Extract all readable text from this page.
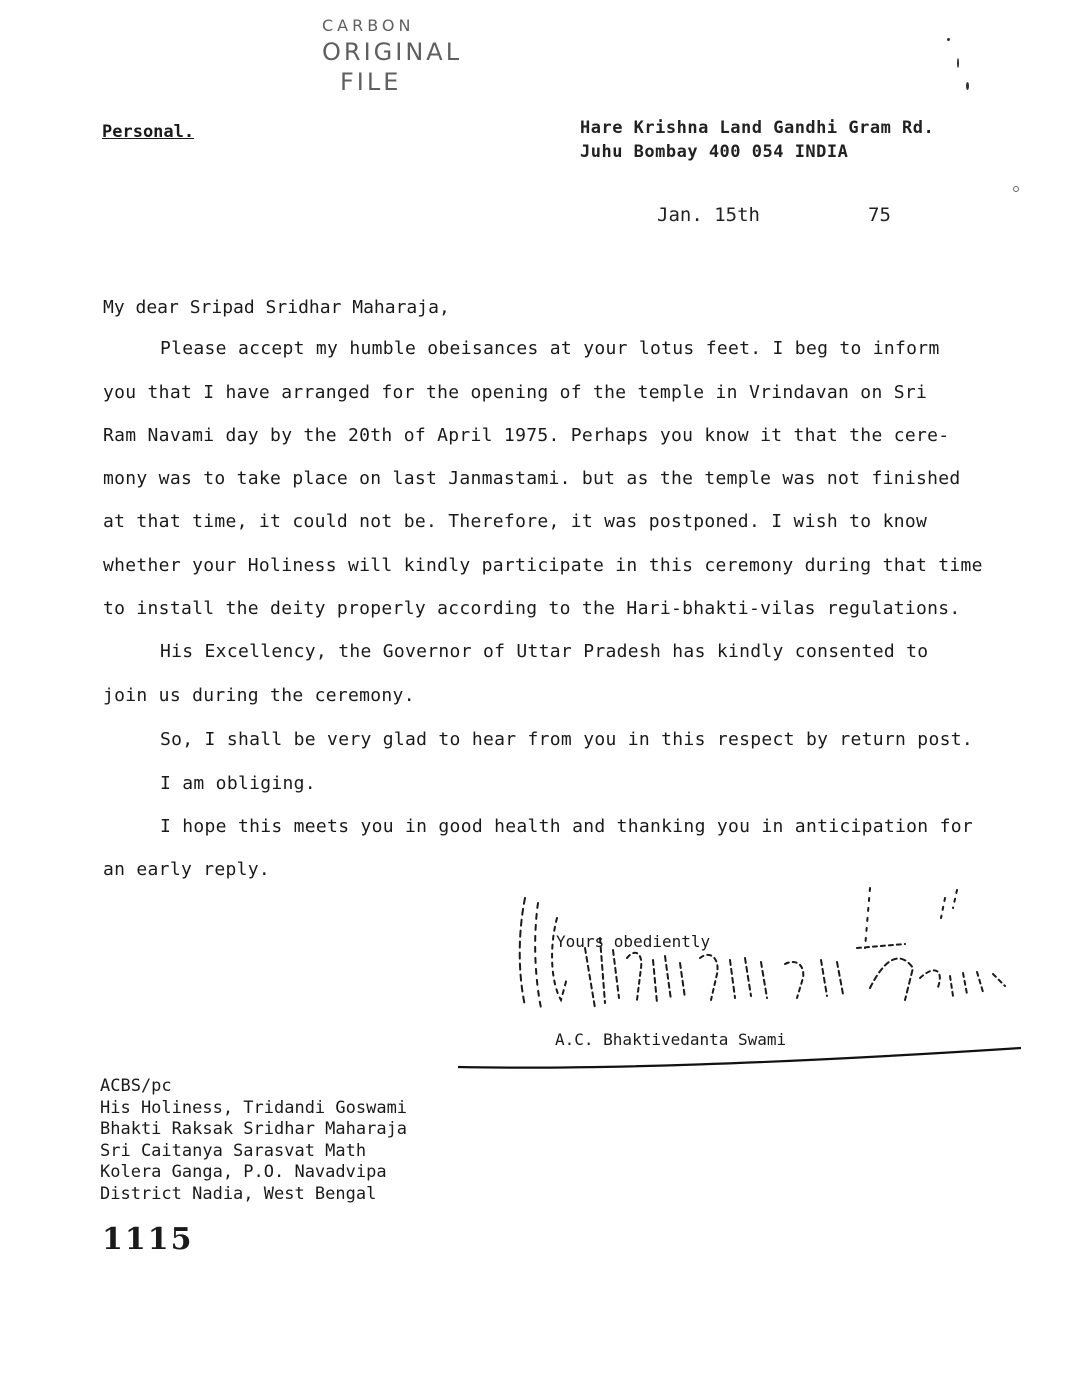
CARBON
ORIGINAL
FILE
Personal.	Hare Krishna Land Gandhi Gram Rd.
Juhu Bombay 400 054 INDIA
Jan. 15th	75
My dear Sripad Sridhar Maharaja,
Please accept my humble obeisances at your lotus feet. I beg to inform
you that I have arranged for the opening of the temple in Vrindavan on Sri
Ram Navami day by the 20th of April 1975. Perhaps you know it that the cere-
mony was to take place on last Janmastami. but as the temple was not finished
at that time, it could not be. Therefore, it was postponed. I wish to know
whether your Holiness will kindly participate in this ceremony during that time
to install the deity properly according to the Hari-bhakti-vilas regulations.
His Excellency, the Governor of Uttar Pradesh has kindly consented to
join us during the ceremony.
So, I shall be very glad to hear from you in this respect by return post.
I am obliging.
I hope this meets you in good health and thanking you in anticipation for
an early reply.
Yours obediently
A.C. Bhaktivedanta Swami
ACBS/pc
His Holiness, Tridandi Goswami
Bhakti Raksak Sridhar Maharaja
Sri Caitanya Sarasvat Math
Kolera Ganga, P.O. Navadvipa
District Nadia, West Bengal
1115
